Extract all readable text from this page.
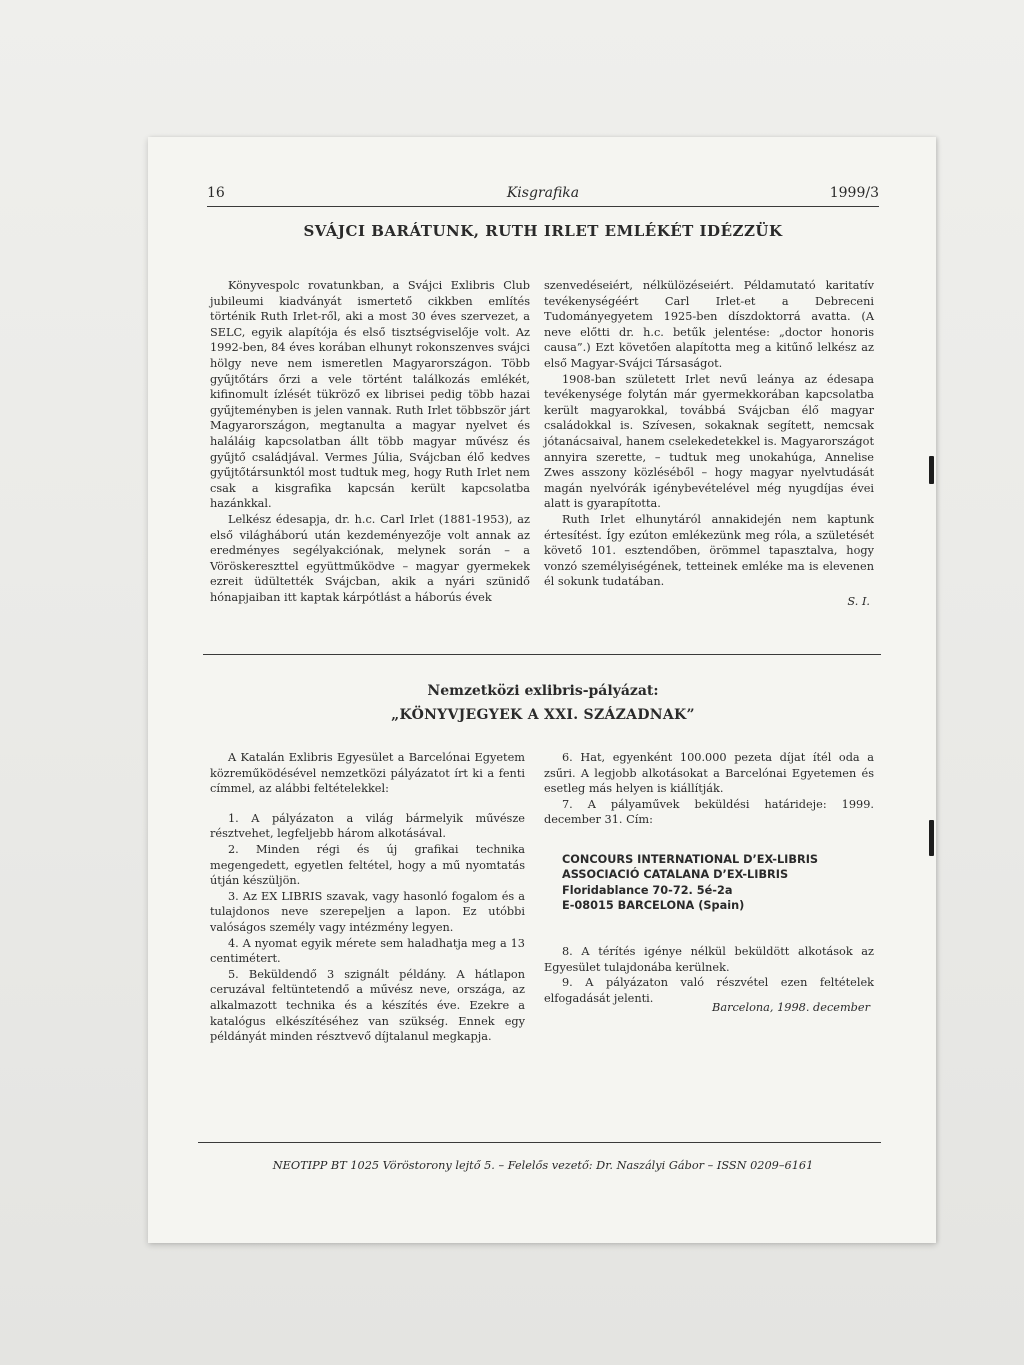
16	Kisgrafika	1999/3
SVÁJCI BARÁTUNK, RUTH IRLET EMLÉKÉT IDÉZZÜK

Könyvespolc rovatunkban, a Svájci Exlibris Club jubileumi kiadványát ismertető cikkben említés történik Ruth Irlet-ről, aki a most 30 éves szervezet, a SELC, egyik alapítója és első tisztségviselője volt. Az 1992-ben, 84 éves korában elhunyt rokonszenves svájci hölgy neve nem ismeretlen Magyarországon. Több gyűjtőtárs őrzi a vele történt találkozás emlékét, kifinomult ízlését tükröző ex librisei pedig több hazai gyűjteményben is jelen vannak. Ruth Irlet többször járt Magyarországon, megtanulta a magyar nyelvet és haláláig kapcsolatban állt több magyar művész és gyűjtő családjával. Vermes Júlia, Svájcban élő kedves gyűjtőtársunktól most tudtuk meg, hogy Ruth Irlet nem csak a kisgrafika kapcsán került kapcsolatba hazánkkal.

Lelkész édesapja, dr. h.c. Carl Irlet (1881-1953), az első világháború után kezdeményezője volt annak az eredményes segélyakciónak, melynek során – a Vöröskereszttel együttműködve – magyar gyermekek ezreit üdültették Svájcban, akik a nyári szünidő hónapjaiban itt kaptak kárpótlást a háborús évek

szenvedéseiért, nélkülözéseiért. Példamutató karitatív tevékenységéért Carl Irlet-et a Debreceni Tudományegyetem 1925-ben díszdoktorrá avatta. (A neve előtti dr. h.c. betűk jelentése: „doctor honoris causa”.) Ezt követően alapította meg a kitűnő lelkész az első Magyar-Svájci Társaságot.

1908-ban született Irlet nevű leánya az édesapa tevékenysége folytán már gyermekkorában kapcsolatba került magyarokkal, továbbá Svájcban élő magyar családokkal is. Szívesen, sokaknak segített, nemcsak jótanácsaival, hanem cselekedetekkel is. Magyarországot annyira szerette, – tudtuk meg unokahúga, Annelise Zwes asszony közléséből – hogy magyar nyelvtudását magán nyelvórák igénybevételével még nyugdíjas évei alatt is gyarapította.

Ruth Irlet elhunytáról annakidején nem kaptunk értesítést. Így ezúton emlékezünk meg róla, a születését követő 101. esztendőben, örömmel tapasztalva, hogy vonzó személyiségének, tetteinek emléke ma is elevenen él sokunk tudatában.

S. I.
Nemzetközi exlibris-pályázat:
„KÖNYVJEGYEK A XXI. SZÁZADNAK”

A Katalán Exlibris Egyesület a Barcelónai Egyetem közreműködésével nemzetközi pályázatot írt ki a fenti címmel, az alábbi feltételekkel:

1. A pályázaton a világ bármelyik művésze résztvehet, legfeljebb három alkotásával.

2. Minden régi és új grafikai technika megengedett, egyetlen feltétel, hogy a mű nyomtatás útján készüljön.

3. Az EX LIBRIS szavak, vagy hasonló fogalom és a tulajdonos neve szerepeljen a lapon. Ez utóbbi valóságos személy vagy intézmény legyen.

4. A nyomat egyik mérete sem haladhatja meg a 13 centimétert.

5. Beküldendő 3 szignált példány. A hátlapon ceruzával feltüntetendő a művész neve, országa, az alkalmazott technika és a készítés éve. Ezekre a katalógus elkészítéséhez van szükség. Ennek egy példányát minden résztvevő díjtalanul megkapja.

6. Hat, egyenként 100.000 pezeta díjat ítél oda a zsűri. A legjobb alkotásokat a Barcelónai Egyetemen és esetleg más helyen is kiállítják.

7. A pályaművek beküldési határideje: 1999. december 31. Cím:

CONCOURS INTERNATIONAL D’EX-LIBRIS
ASSOCIACIÓ CATALANA D’EX-LIBRIS
Floridablance 70-72. 5é-2a
E-08015 BARCELONA (Spain)

8. A térítés igénye nélkül beküldött alkotások az Egyesület tulajdonába kerülnek.

9. A pályázaton való részvétel ezen feltételek elfogadását jelenti.

Barcelona, 1998. december
NEOTIPP BT 1025 Vöröstorony lejtő 5. – Felelős vezető: Dr. Naszályi Gábor – ISSN 0209–6161
